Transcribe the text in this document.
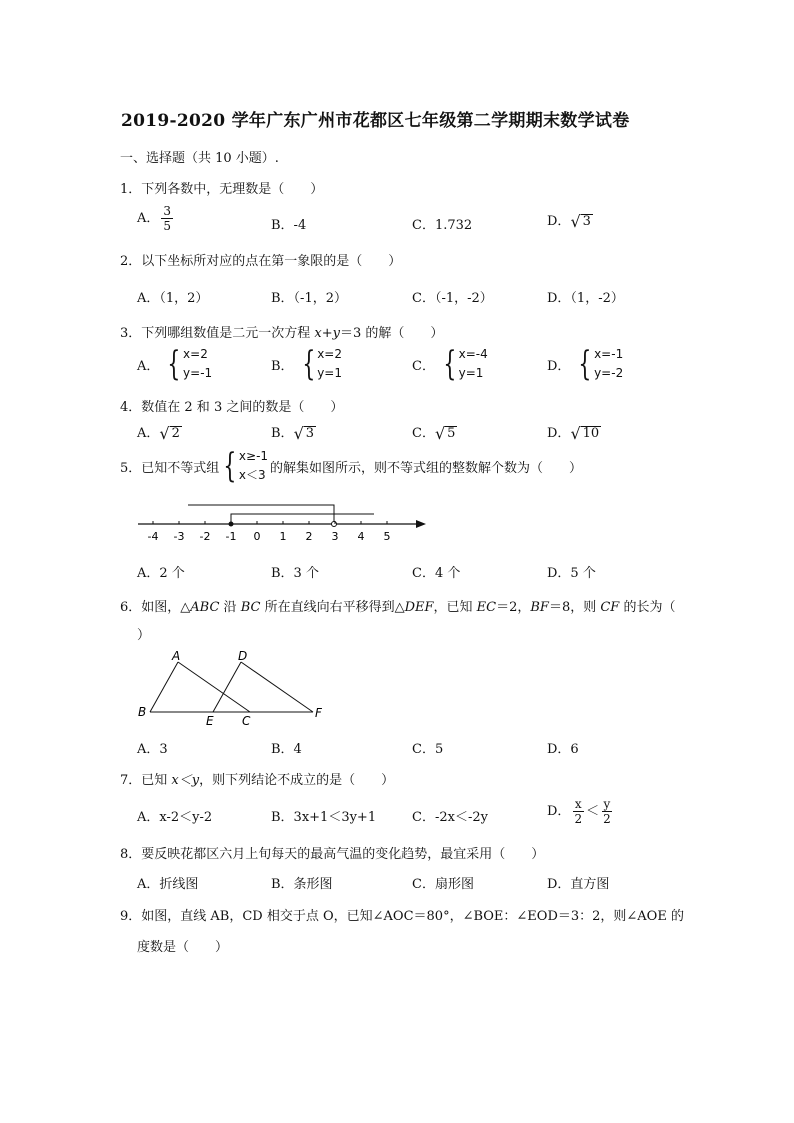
2019-2020 学年广东广州市花都区七年级第二学期期末数学试卷
一、选择题（共 10 小题）.
1．下列各数中，无理数是（　　）
A． $\frac{3}{5}$	B．-4	C．1.732	D． √ 3
2．以下坐标所对应的点在第一象限的是（　　）
A．（1，2）	B．（-1，2）	C．（-1，-2）	D．（1，-2）
3．下列哪组数值是二元一次方程 x+y＝3 的解（　　）
A． { x=2
y=-1	B． { x=2
y=1	C． { x=-4
y=1	D． { x=-1
y=-2
4．数值在 2 和 3 之间的数是（　　）
A． √ 2	B． √ 3	C． √ 5	D． √ 10
5．已知不等式组 { x≥-1
x＜3 的解集如图所示，则不等式组的整数解个数为（　　）
-4 -3 -2 -1 0 1 2 3 4 5
A．2 个	B．3 个	C．4 个	D．5 个
6．如图，△ABC 沿 BC 所在直线向右平移得到△DEF，已知 EC＝2，BF＝8，则 CF 的长为（
）
A
B
C
D
E
F
A．3	B．4	C．5	D．6
7．已知 x＜y，则下列结论不成立的是（　　）
A．x-2＜y-2	B．3x+1＜3y+1	C．-2x＜-2y	D． $\frac{x}{2} < \frac{y}{2}$
8．要反映花都区六月上旬每天的最高气温的变化趋势，最宜采用（　　）
A．折线图	B．条形图	C．扇形图	D．直方图
9．如图，直线 AB，CD 相交于点 O，已知∠AOC＝80°，∠BOE：∠EOD＝3：2，则∠AOE 的
度数是（　　）
